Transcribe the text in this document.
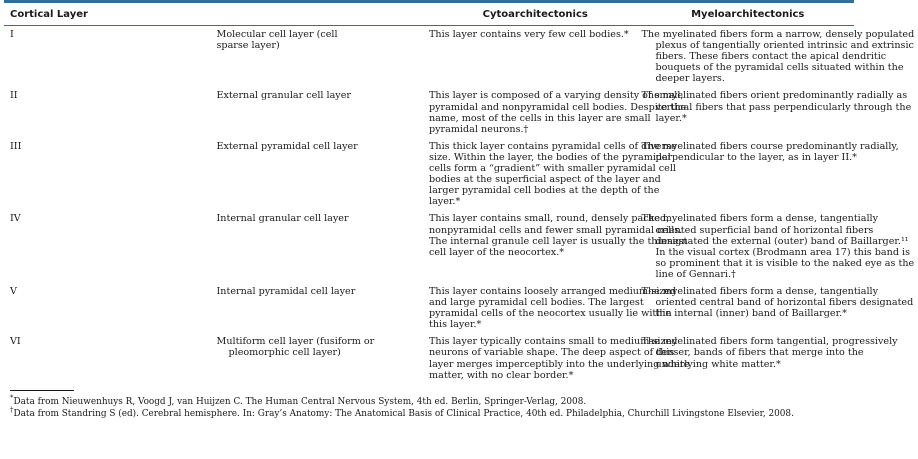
Cortical Layer		Cytoarchitectonics	Myeloarchitectonics
I	Molecular cell layer (cell sparse layer)	This layer contains very few cell bodies.*	The myelinated fibers form a narrow, densely populated plexus of tangentially oriented intrinsic and extrinsic fibers. These fibers contact the apical dendritic bouquets of the pyramidal cells situated within the deeper layers.

II	External granular cell layer	This layer is composed of a varying density of small, pyramidal and nonpyramidal cell bodies. Despite the name, most of the cells in this layer are small pyramidal neurons.†	The myelinated fibers orient predominantly radially as vertical fibers that pass perpendicularly through the layer.*

III	External pyramidal cell layer	This thick layer contains pyramidal cells of diverse size. Within the layer, the bodies of the pyramidal cells form a “gradient” with smaller pyramidal cell bodies at the superficial aspect of the layer and larger pyramidal cell bodies at the depth of the layer.*	The myelinated fibers course predominantly radially, perpendicular to the layer, as in layer II.*

IV	Internal granular cell layer	This layer contains small, round, densely packed, nonpyramidal cells and fewer small pyramidal cells. The internal granule cell layer is usually the thinnest cell layer of the neocortex.*	The myelinated fibers form a dense, tangentially oriented superficial band of horizontal fibers designated the external (outer) band of Baillarger.¹¹ In the visual cortex (Brodmann area 17) this band is so prominent that it is visible to the naked eye as the line of Gennari.†

V	Internal pyramidal cell layer	This layer contains loosely arranged medium-sized and large pyramidal cell bodies. The largest pyramidal cells of the neocortex usually lie within this layer.*	The myelinated fibers form a dense, tangentially oriented central band of horizontal fibers designated the internal (inner) band of Baillarger.*

VI	Multiform cell layer (fusiform or pleomorphic cell layer)	This layer typically contains small to medium-sized neurons of variable shape. The deep aspect of this layer merges imperceptibly into the underlying white matter, with no clear border.*	The myelinated fibers form tangential, progressively denser, bands of fibers that merge into the underlying white matter.*
*Data from Nieuwenhuys R, Voogd J, van Huijzen C. The Human Central Nervous System, 4th ed. Berlin, Springer-Verlag, 2008.
†Data from Standring S (ed). Cerebral hemisphere. In: Gray’s Anatomy: The Anatomical Basis of Clinical Practice, 40th ed. Philadelphia, Churchill Livingstone Elsevier, 2008.
